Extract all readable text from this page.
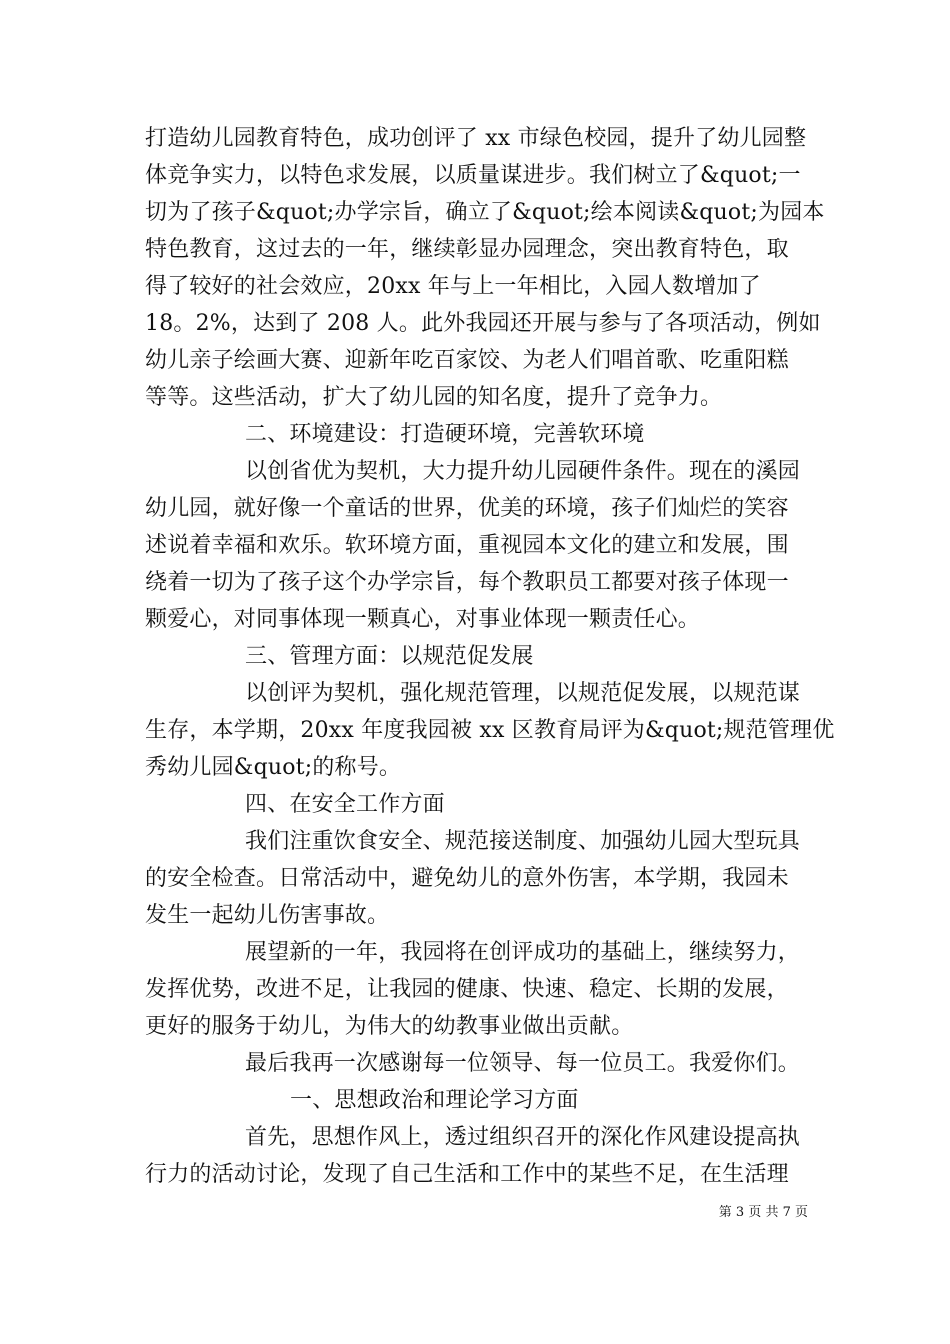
打造幼儿园教育特色，成功创评了 xx 市绿色校园，提升了幼儿园整
体竞争实力，以特色求发展，以质量谋进步。我们树立了&quot;一
切为了孩子&quot;办学宗旨，确立了&quot;绘本阅读&quot;为园本
特色教育，这过去的一年，继续彰显办园理念，突出教育特色，取
得了较好的社会效应，20xx 年与上一年相比，入园人数增加了
18。2%，达到了 208 人。此外我园还开展与参与了各项活动，例如
幼儿亲子绘画大赛、迎新年吃百家饺、为老人们唱首歌、吃重阳糕
等等。这些活动，扩大了幼儿园的知名度，提升了竞争力。
二、环境建设：打造硬环境，完善软环境
以创省优为契机，大力提升幼儿园硬件条件。现在的溪园
幼儿园，就好像一个童话的世界，优美的环境，孩子们灿烂的笑容
述说着幸福和欢乐。软环境方面，重视园本文化的建立和发展，围
绕着一切为了孩子这个办学宗旨，每个教职员工都要对孩子体现一
颗爱心，对同事体现一颗真心，对事业体现一颗责任心。
三、管理方面：以规范促发展
以创评为契机，强化规范管理，以规范促发展，以规范谋
生存，本学期，20xx 年度我园被 xx 区教育局评为&quot;规范管理优
秀幼儿园&quot;的称号。
四、在安全工作方面
我们注重饮食安全、规范接送制度、加强幼儿园大型玩具
的安全检查。日常活动中，避免幼儿的意外伤害，本学期，我园未
发生一起幼儿伤害事故。
展望新的一年，我园将在创评成功的基础上，继续努力，
发挥优势，改进不足，让我园的健康、快速、稳定、长期的发展，
更好的服务于幼儿，为伟大的幼教事业做出贡献。
最后我再一次感谢每一位领导、每一位员工。我爱你们。
一、思想政治和理论学习方面
首先，思想作风上，透过组织召开的深化作风建设提高执
行力的活动讨论，发现了自己生活和工作中的某些不足，在生活理
第 3 页 共 7 页
